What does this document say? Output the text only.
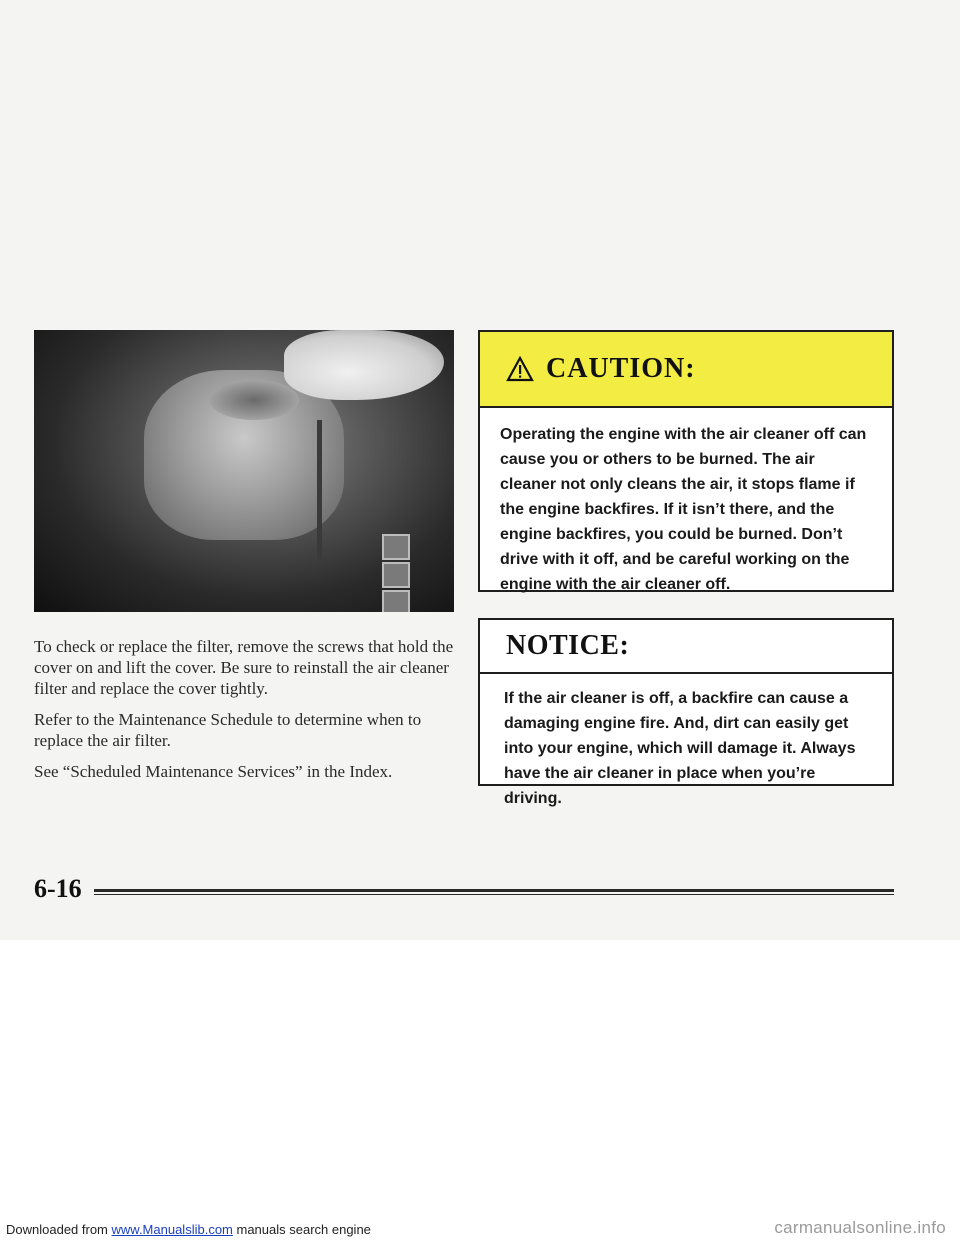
To check or replace the filter, remove the screws that hold the cover on and lift the cover. Be sure to reinstall the air cleaner filter and replace the cover tightly.

Refer to the Maintenance Schedule to determine when to replace the air filter.

See “Scheduled Maintenance Services” in the Index.

CAUTION:
Operating the engine with the air cleaner off can cause you or others to be burned. The air cleaner not only cleans the air, it stops flame if the engine backfires. If it isn’t there, and the engine backfires, you could be burned. Don’t drive with it off, and be careful working on the engine with the air cleaner off.
NOTICE:
If the air cleaner is off, a backfire can cause a damaging engine fire. And, dirt can easily get into your engine, which will damage it. Always have the air cleaner in place when you’re driving.
6-16
Downloaded from www.Manualslib.com manuals search engine	carmanualsonline.info
